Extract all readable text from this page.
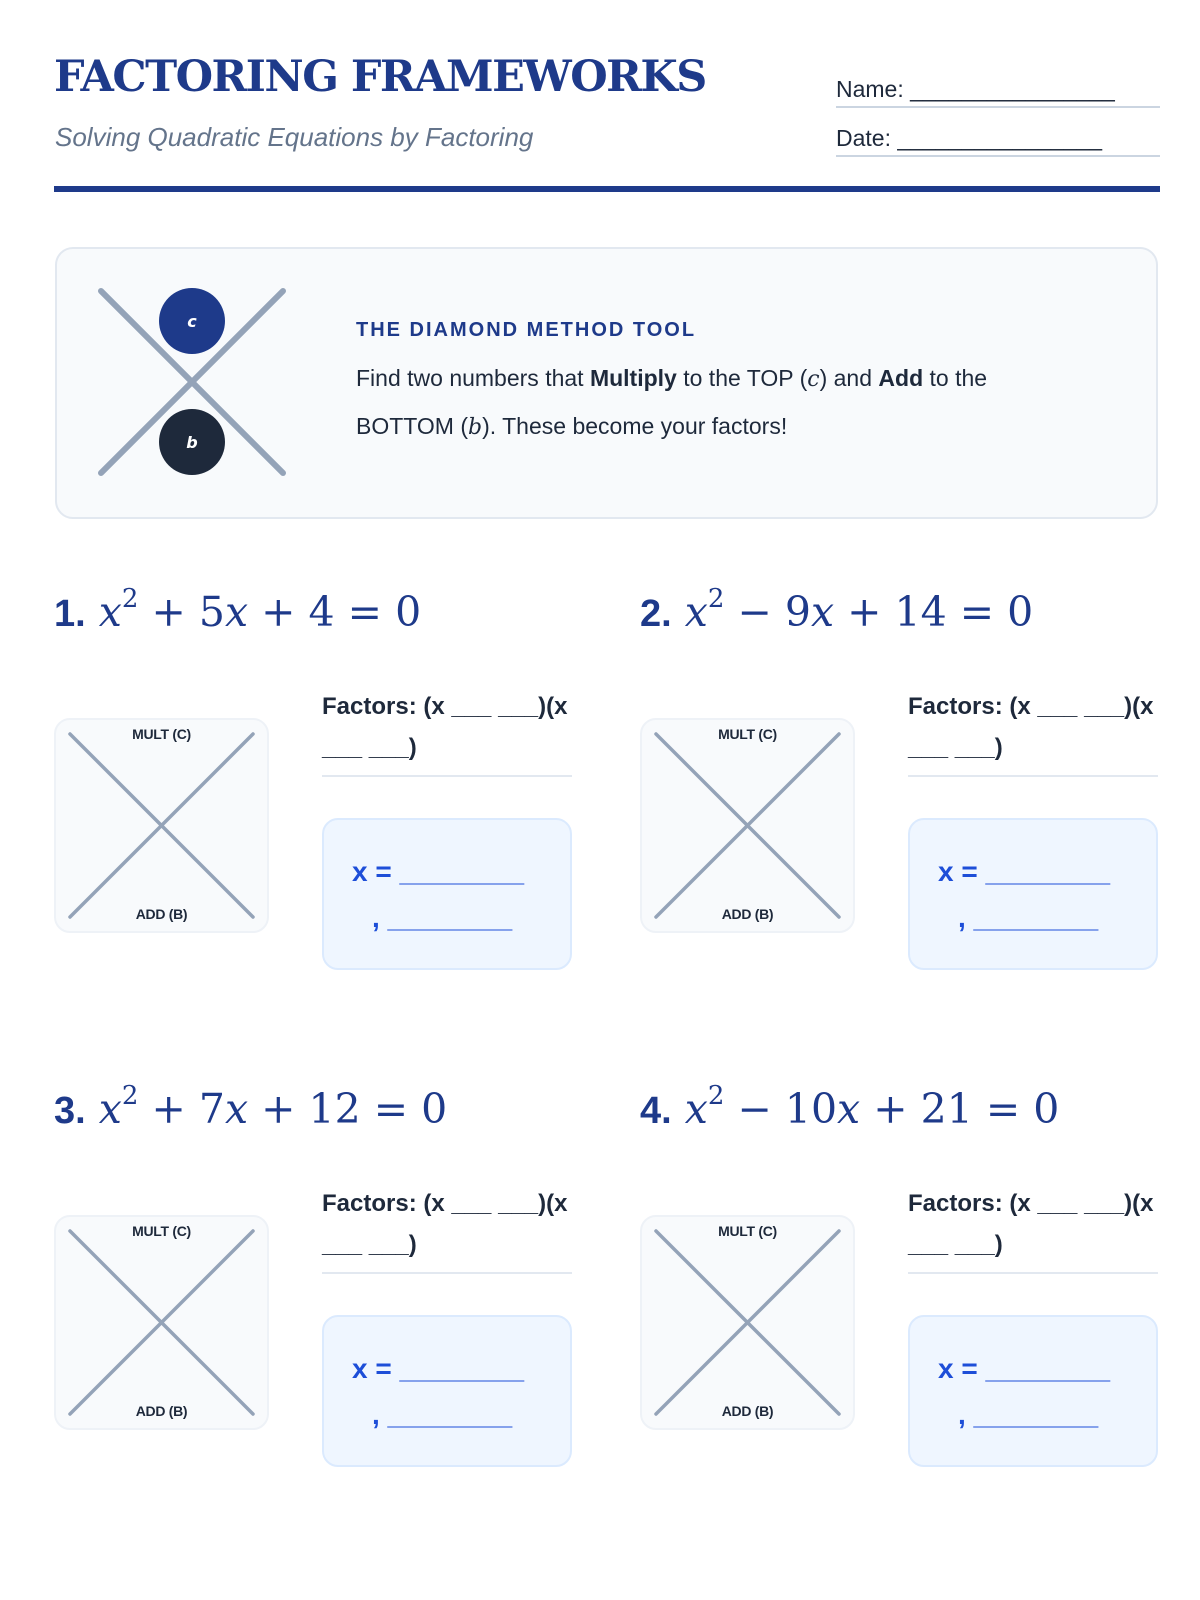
FACTORING FRAMEWORKS
Solving Quadratic Equations by Factoring
Name: ________________
Date: ________________
c
b
THE DIAMOND METHOD TOOL
Find two numbers that Multiply to the TOP (c) and Add to the BOTTOM (b). These become your factors!
1. $x^2 + 5x + 4 = 0$
MULT (C)
ADD (B)
Factors: (x ___ ___)(x ___ ___)
x = ________
, ________
2. $x^2 - 9x + 14 = 0$
MULT (C)
ADD (B)
Factors: (x ___ ___)(x ___ ___)
x = ________
, ________
3. $x^2 + 7x + 12 = 0$
MULT (C)
ADD (B)
Factors: (x ___ ___)(x ___ ___)
x = ________
, ________
4. $x^2 - 10x + 21 = 0$
MULT (C)
ADD (B)
Factors: (x ___ ___)(x ___ ___)
x = ________
, ________
